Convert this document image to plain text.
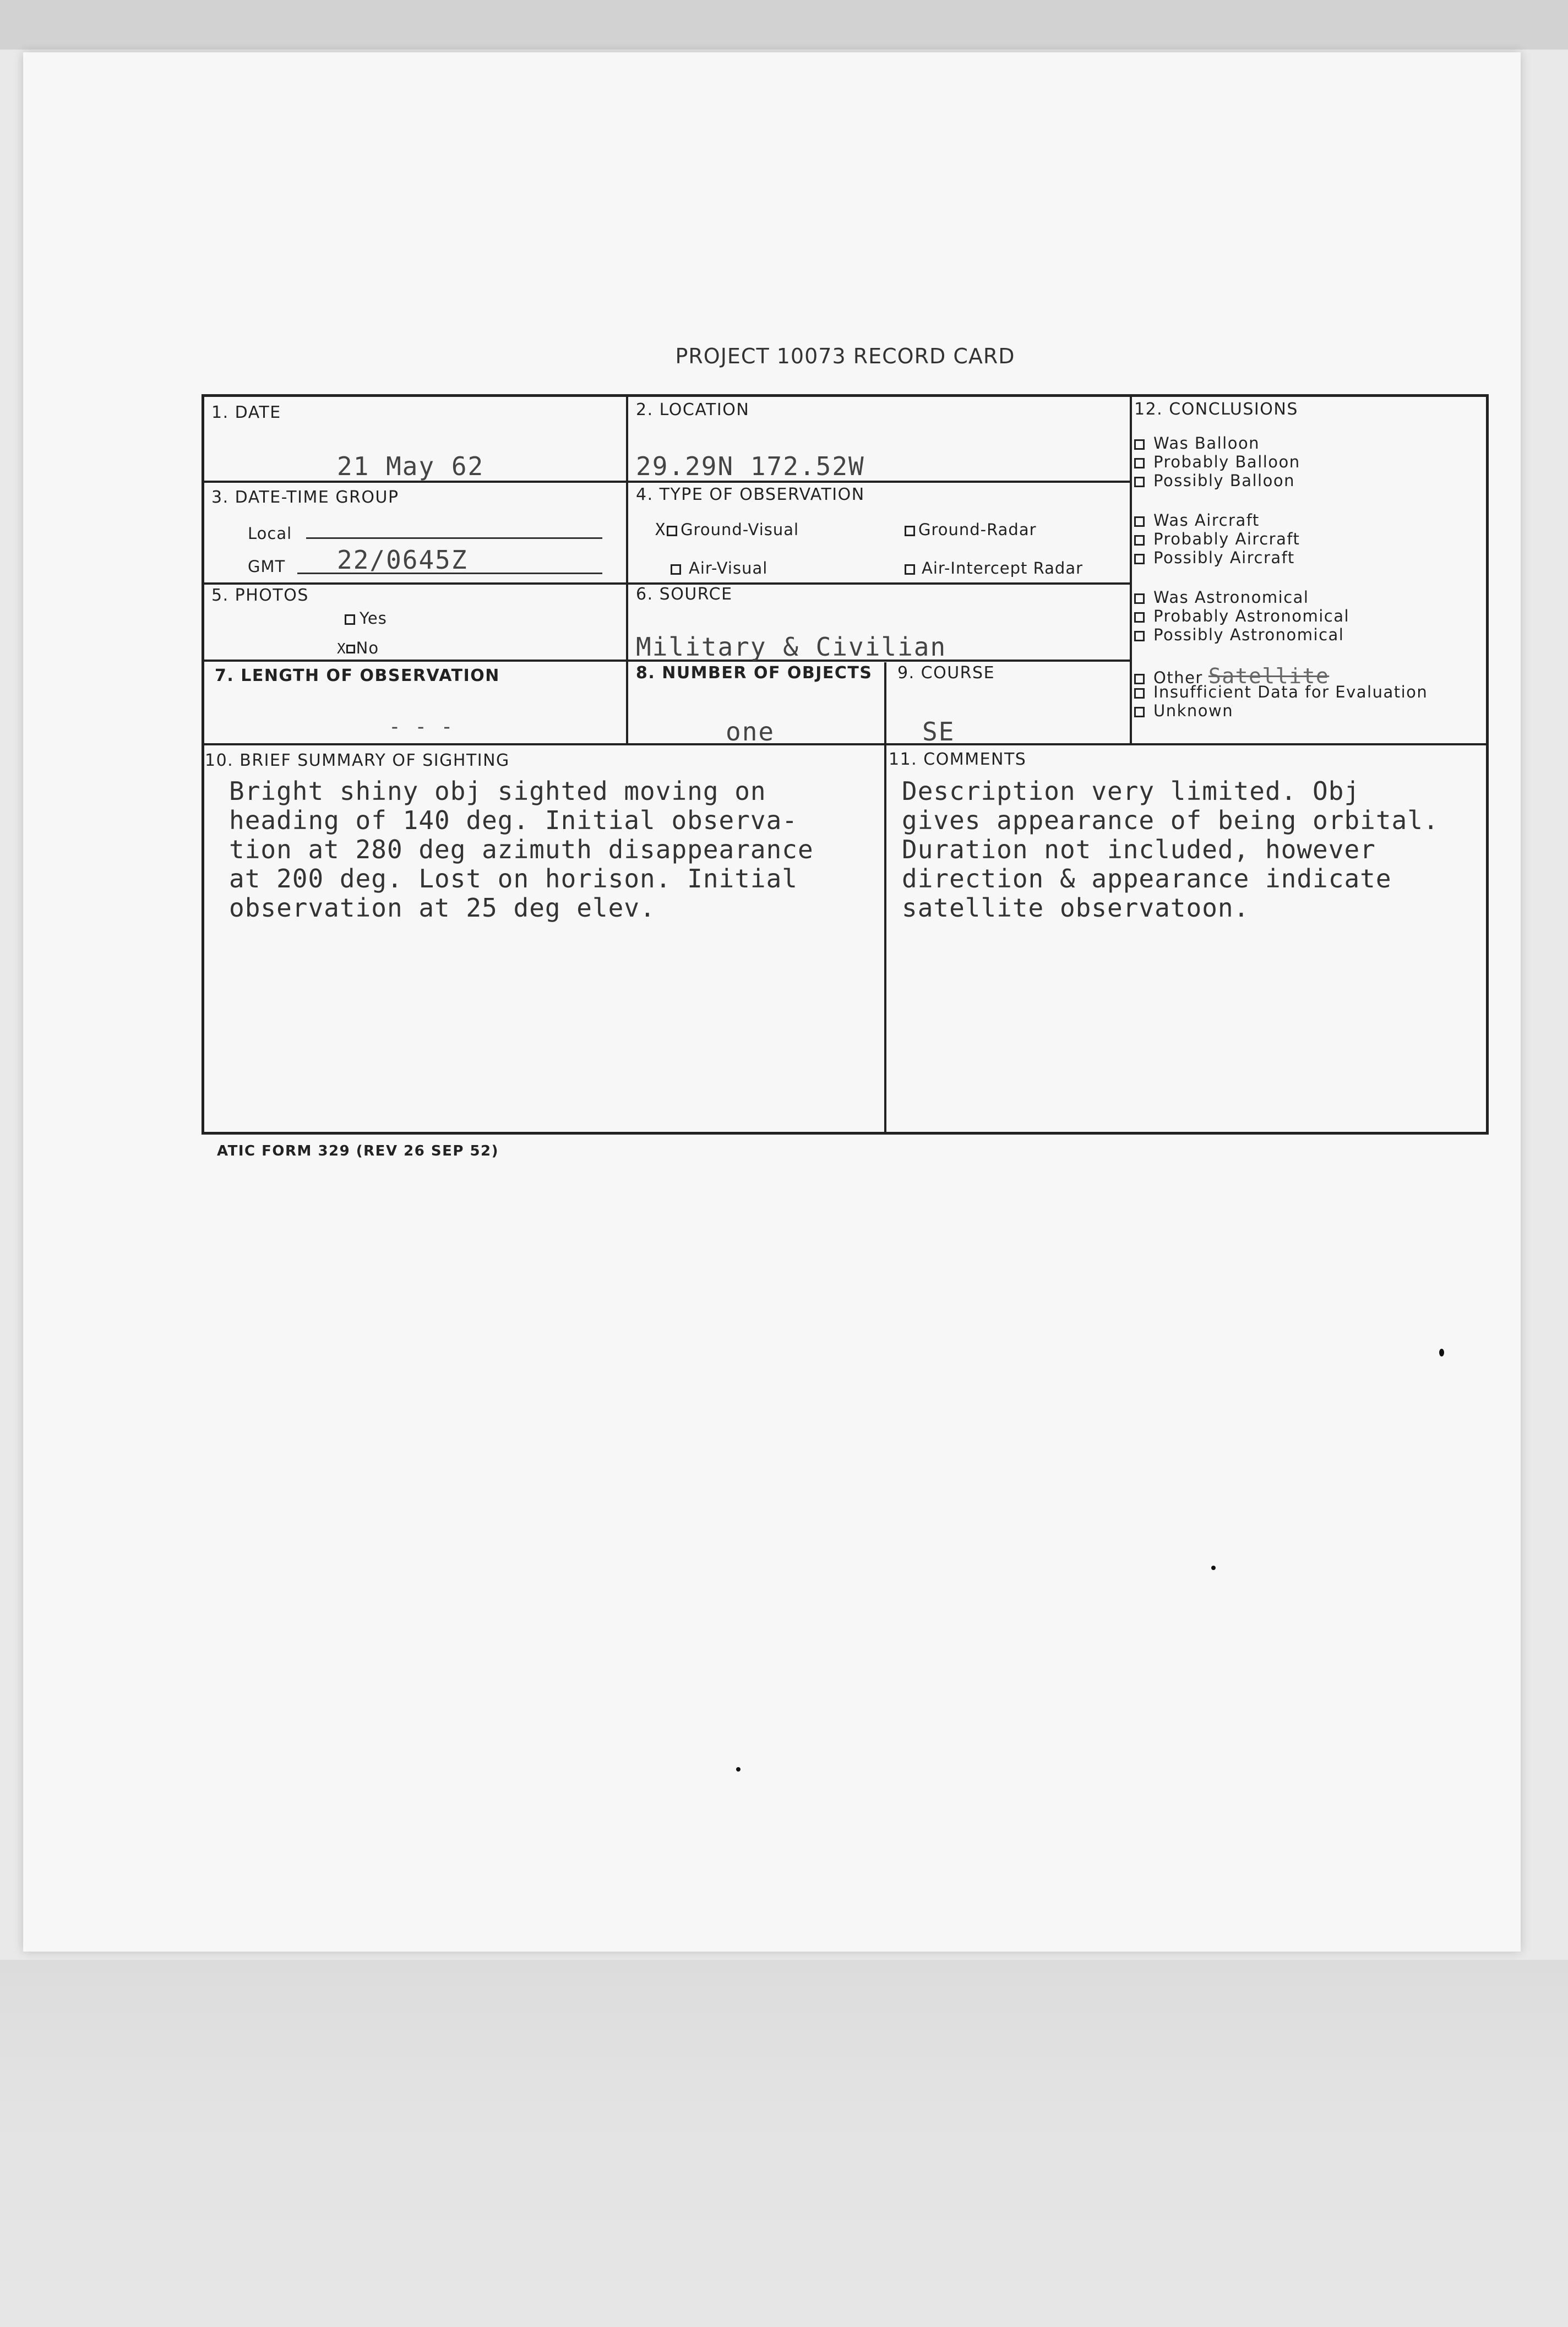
PROJECT 10073 RECORD CARD
1. DATE
21 May 62
2. LOCATION
29.29N 172.52W
3. DATE-TIME GROUP
Local
GMT 22/0645Z
4. TYPE OF OBSERVATION
X Ground-Visual	Ground-Radar
Air-Visual	Air-Intercept Radar
5. PHOTOS
Yes
X No
6. SOURCE
Military & Civilian
7. LENGTH OF OBSERVATION
- - -
8. NUMBER OF OBJECTS
one
9. COURSE
SE
12. CONCLUSIONS
Was Balloon
Probably Balloon
Possibly Balloon
Was Aircraft
Probably Aircraft
Possibly Aircraft
Was Astronomical
Probably Astronomical
Possibly Astronomical
Other Satellite
Insufficient Data for Evaluation
Unknown
10. BRIEF SUMMARY OF SIGHTING
Bright shiny obj sighted moving on
heading of 140 deg. Initial observa-
tion at 280 deg azimuth disappearance
at 200 deg. Lost on horison. Initial
observation at 25 deg elev.
11. COMMENTS
Description very limited. Obj
gives appearance of being orbital.
Duration not included, however
direction & appearance indicate
satellite observatoon.
ATIC FORM 329 (REV 26 SEP 52)
